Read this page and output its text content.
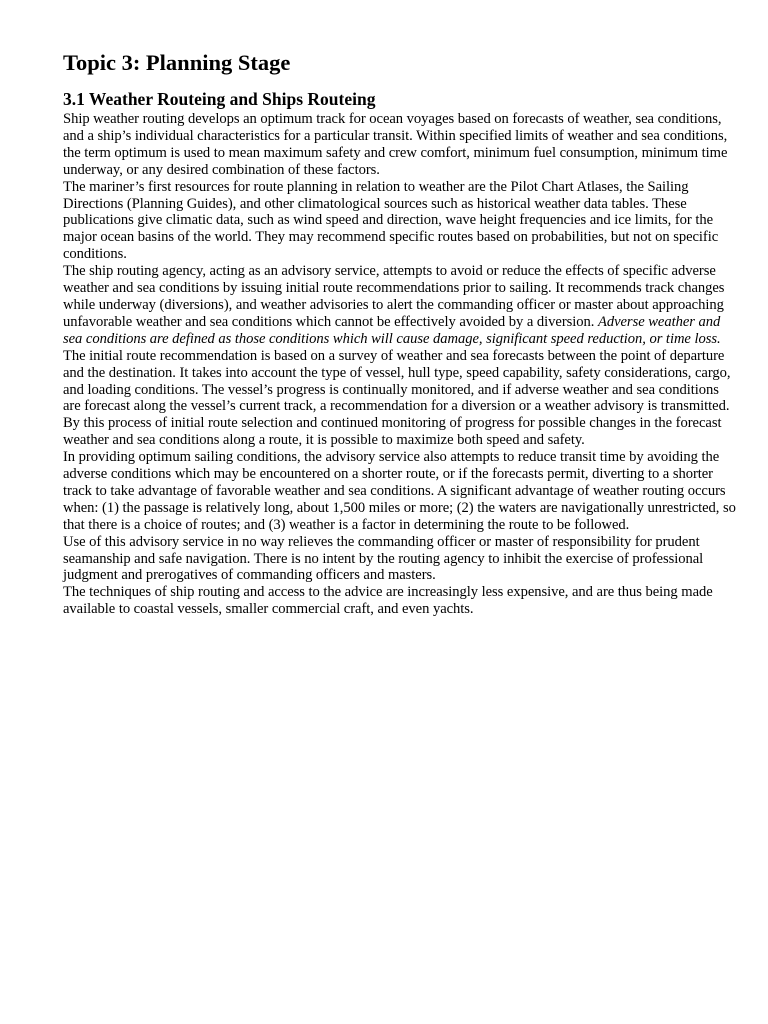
Topic 3: Planning Stage
3.1 Weather Routeing and Ships Routeing

Ship weather routing develops an optimum track for ocean voyages based on forecasts of weather, sea conditions, and a ship’s individual characteristics for a particular transit. Within specified limits of weather and sea conditions, the term optimum is used to mean maximum safety and crew comfort, minimum fuel consumption, minimum time underway, or any desired combination of these factors.

The mariner’s first resources for route planning in relation to weather are the Pilot Chart Atlases, the Sailing Directions (Planning Guides), and other climatological sources such as historical weather data tables. These publications give climatic data, such as wind speed and direction, wave height frequencies and ice limits, for the major ocean basins of the world. They may recommend specific routes based on probabilities, but not on specific conditions.

The ship routing agency, acting as an advisory service, attempts to avoid or reduce the effects of specific adverse weather and sea conditions by issuing initial route recommendations prior to sailing. It recommends track changes while underway (diversions), and weather advisories to alert the commanding officer or master about approaching unfavorable weather and sea conditions which cannot be effectively avoided by a diversion. Adverse weather and sea conditions are defined as those conditions which will cause damage, significant speed reduction, or time loss.

The initial route recommendation is based on a survey of weather and sea forecasts between the point of departure and the destination. It takes into account the type of vessel, hull type, speed capability, safety considerations, cargo, and loading conditions. The vessel’s progress is continually monitored, and if adverse weather and sea conditions are forecast along the vessel’s current track, a recommendation for a diversion or a weather advisory is transmitted. By this process of initial route selection and continued monitoring of progress for possible changes in the forecast weather and sea conditions along a route, it is possible to maximize both speed and safety.

In providing optimum sailing conditions, the advisory service also attempts to reduce transit time by avoiding the adverse conditions which may be encountered on a shorter route, or if the forecasts permit, diverting to a shorter track to take advantage of favorable weather and sea conditions. A significant advantage of weather routing occurs when: (1) the passage is relatively long, about 1,500 miles or more; (2) the waters are navigationally unrestricted, so that there is a choice of routes; and (3) weather is a factor in determining the route to be followed.

Use of this advisory service in no way relieves the commanding officer or master of responsibility for prudent seamanship and safe navigation. There is no intent by the routing agency to inhibit the exercise of professional judgment and prerogatives of commanding officers and masters.

The techniques of ship routing and access to the advice are increasingly less expensive, and are thus being made available to coastal vessels, smaller commercial craft, and even yachts.
